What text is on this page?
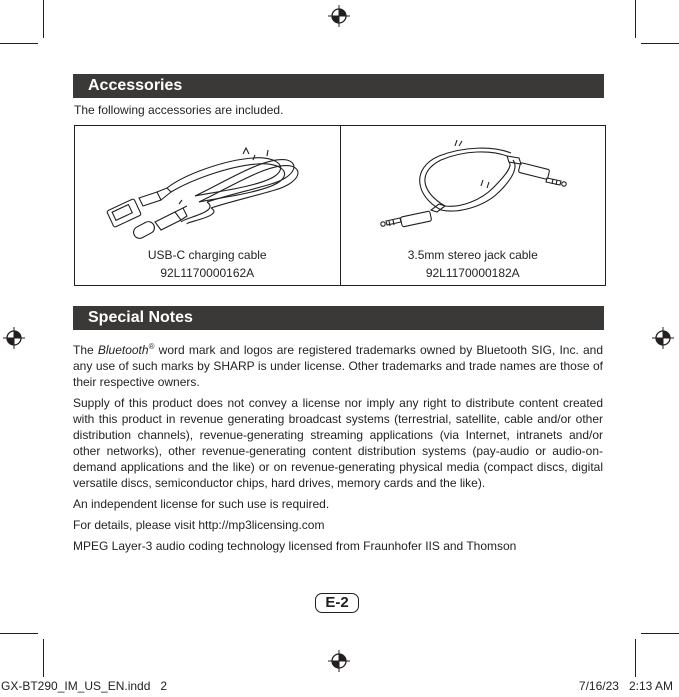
Accessories
The following accessories are included.
USB-C charging cable
92L1170000162A
3.5mm stereo jack cable
92L1170000182A
Special Notes

The Bluetooth® word mark and logos are registered trademarks owned by Bluetooth SIG, Inc. and any use of such marks by SHARP is under license. Other trademarks and trade names are those of their respective owners.

Supply of this product does not convey a license nor imply any right to distribute content created with this product in revenue generating broadcast systems (terrestrial, satellite, cable and/or other distribution channels), revenue-generating streaming applications (via Internet, intranets and/or other networks), other revenue-generating content distribution systems (pay-audio or audio-on-demand applications and the like) or on revenue-generating physical media (compact discs, digital versatile discs, semiconductor chips, hard drives, memory cards and the like).

An independent license for such use is required.

For details, please visit http://mp3licensing.com

MPEG Layer-3 audio coding technology licensed from Fraunhofer IIS and Thomson

E-2
GX-BT290_IM_US_EN.indd   2	7/16/23   2:13 AM
